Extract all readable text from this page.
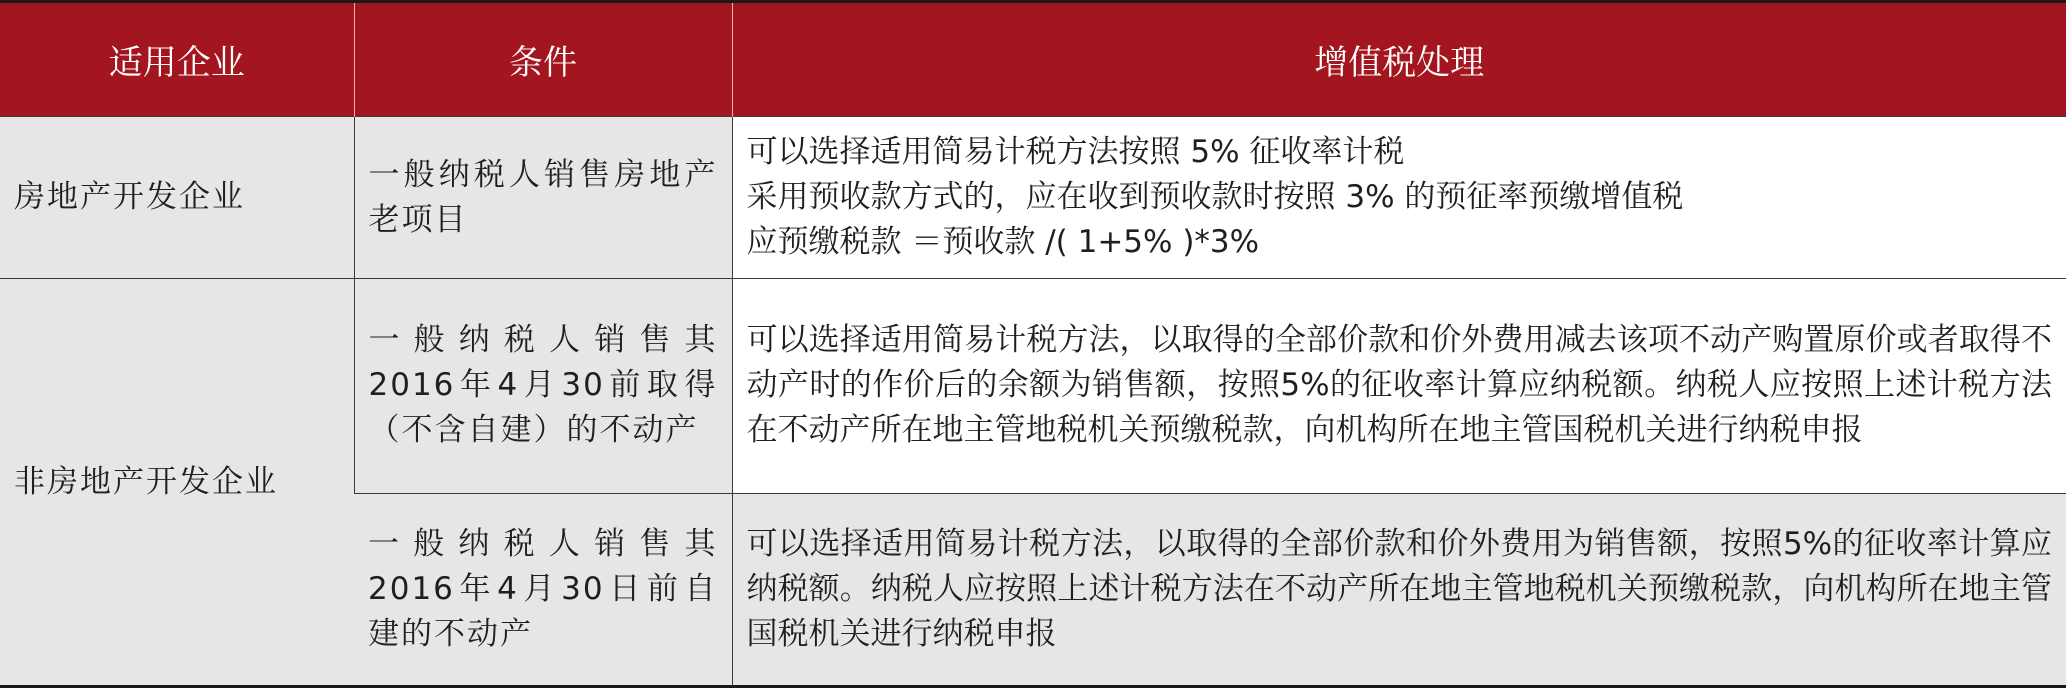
适用企业	条件	增值税处理
房地产开发企业	一般纳税人销售房地产老项目	可以选择适用简易计税方法按照 5% 征收率计税
采用预收款方式的，应在收到预收款时按照 3% 的预征率预缴增值税
应预缴税款 ＝预收款 /( 1+5% )*3%

非房地产开发企业	一般纳税人销售其2016年4月30前取得（不含自建）的不动产	可以选择适用简易计税方法，以取得的全部价款和价外费用减去该项不动产购置原价或者取得不动产时的作价后的余额为销售额，按照5%的征收率计算应纳税额。纳税人应按照上述计税方法在不动产所在地主管地税机关预缴税款，向机构所在地主管国税机关进行纳税申报
	一般纳税人销售其2016年4月30日前自建的不动产	可以选择适用简易计税方法，以取得的全部价款和价外费用为销售额，按照5%的征收率计算应纳税额。纳税人应按照上述计税方法在不动产所在地主管地税机关预缴税款，向机构所在地主管国税机关进行纳税申报
